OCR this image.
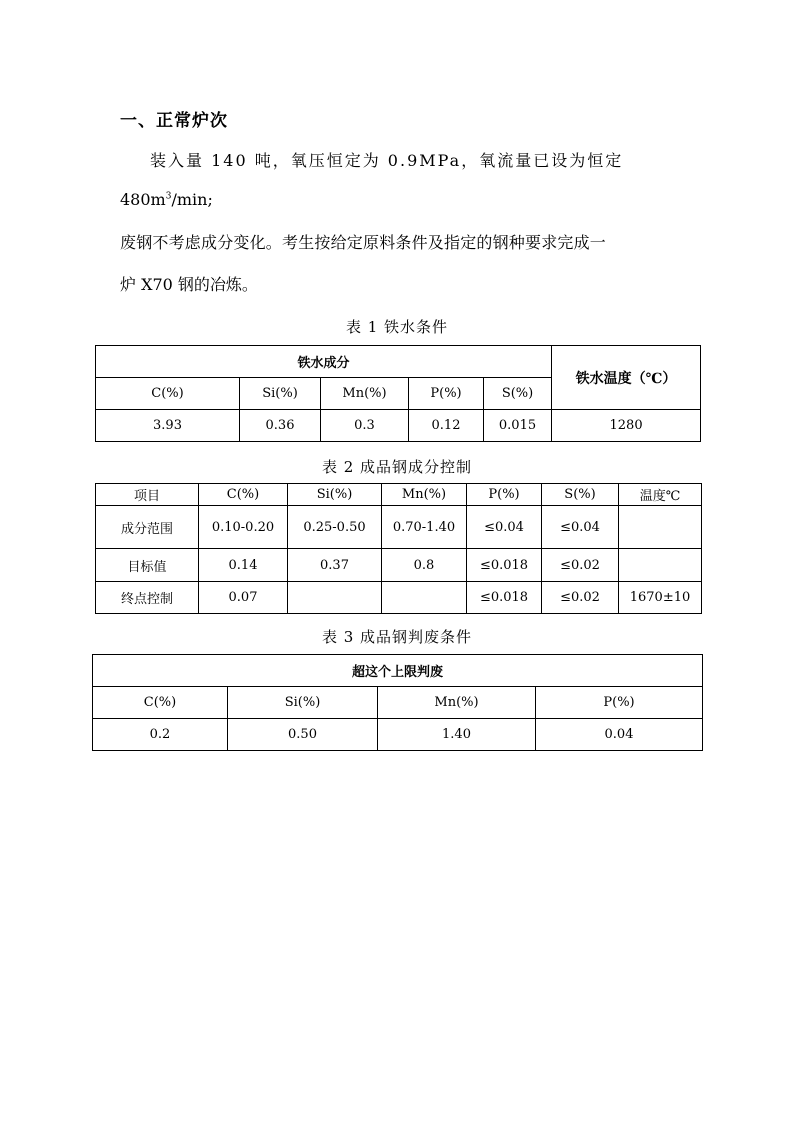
一、正常炉次

装入量 140 吨，氧压恒定为 0.9MPa，氧流量已设为恒定

$480m^3/\min$;

废钢不考虑成分变化。考生按给定原料条件及指定的钢种要求完成一

炉 X70 钢的冶炼。

表 1 铁水条件

铁水成分					铁水温度（℃）
C(%)	Si(%)	Mn(%)	P(%)	S(%)	
3.93	0.36	0.3	0.12	0.015	1280

表 2 成品钢成分控制

项目	C(%)	Si(%)	Mn(%)	P(%)	S(%)	温度℃
成分范围	0.10-0.20	0.25-0.50	0.70-1.40	≤0.04	≤0.04	
目标值	0.14	0.37	0.8	≤0.018	≤0.02	
终点控制	0.07			≤0.018	≤0.02	1670±10

表 3 成品钢判废条件

超这个上限判废			
C(%)	Si(%)	Mn(%)	P(%)
0.2	0.50	1.40	0.04
